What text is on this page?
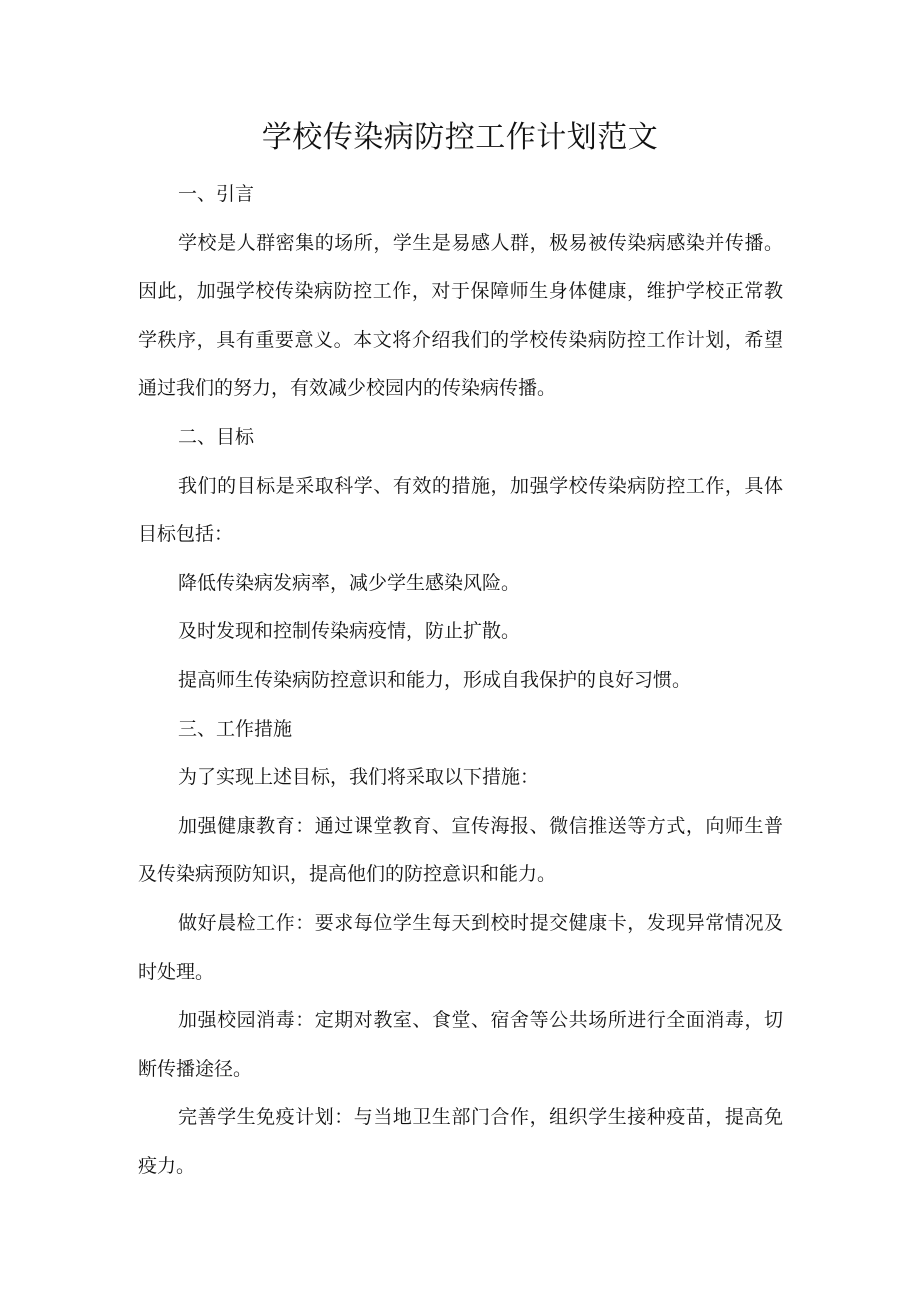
学校传染病防控工作计划范文

一、引言

学校是人群密集的场所，学生是易感人群，极易被传染病感染并传播。因此，加强学校传染病防控工作，对于保障师生身体健康，维护学校正常教学秩序，具有重要意义。本文将介绍我们的学校传染病防控工作计划，希望通过我们的努力，有效减少校园内的传染病传播。

二、目标

我们的目标是采取科学、有效的措施，加强学校传染病防控工作，具体目标包括：

降低传染病发病率，减少学生感染风险。

及时发现和控制传染病疫情，防止扩散。

提高师生传染病防控意识和能力，形成自我保护的良好习惯。

三、工作措施

为了实现上述目标，我们将采取以下措施：

加强健康教育：通过课堂教育、宣传海报、微信推送等方式，向师生普及传染病预防知识，提高他们的防控意识和能力。

做好晨检工作：要求每位学生每天到校时提交健康卡，发现异常情况及时处理。

加强校园消毒：定期对教室、食堂、宿舍等公共场所进行全面消毒，切断传播途径。

完善学生免疫计划：与当地卫生部门合作，组织学生接种疫苗，提高免疫力。
